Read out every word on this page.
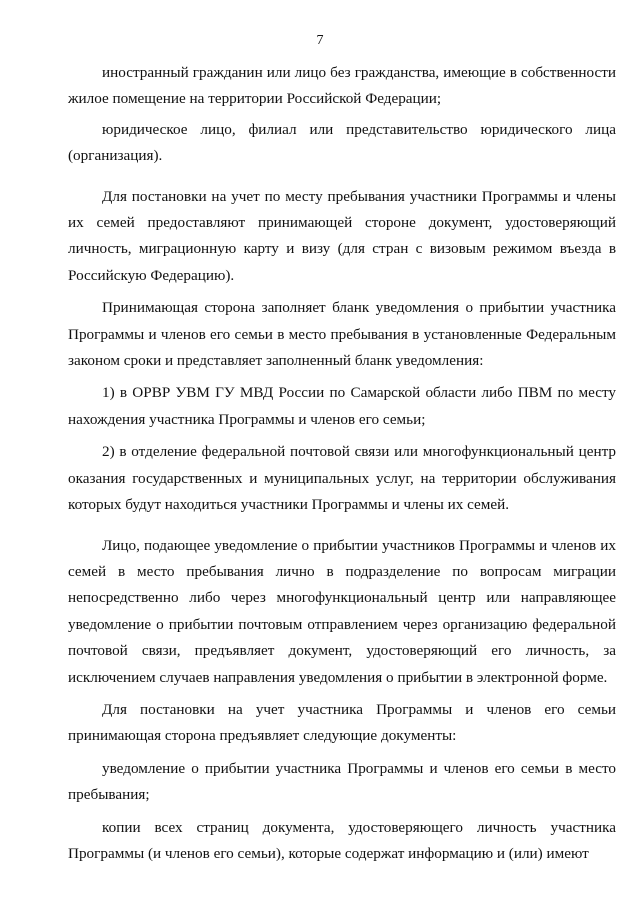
7

иностранный гражданин или лицо без гражданства, имеющие в собственности жилое помещение на территории Российской Федерации;

юридическое лицо, филиал или представительство юридического лица (организация).

Для постановки на учет по месту пребывания участники Программы и члены их семей предоставляют принимающей стороне документ, удостоверяющий личность, миграционную карту и визу (для стран с визовым режимом въезда в Российскую Федерацию).

Принимающая сторона заполняет бланк уведомления о прибытии участника Программы и членов его семьи в место пребывания в установленные Федеральным законом сроки и представляет заполненный бланк уведомления:

1) в ОРВР УВМ ГУ МВД России по Самарской области либо ПВМ по месту нахождения участника Программы и членов его семьи;

2) в отделение федеральной почтовой связи или многофункциональный центр оказания государственных и муниципальных услуг, на территории обслуживания которых будут находиться участники Программы и члены их семей.

Лицо, подающее уведомление о прибытии участников Программы и членов их семей в место пребывания лично в подразделение по вопросам миграции непосредственно либо через многофункциональный центр или направляющее уведомление о прибытии почтовым отправлением через организацию федеральной почтовой связи, предъявляет документ, удостоверяющий его личность, за исключением случаев направления уведомления о прибытии в электронной форме.

Для постановки на учет участника Программы и членов его семьи принимающая сторона предъявляет следующие документы:

уведомление о прибытии участника Программы и членов его семьи в место пребывания;

копии всех страниц документа, удостоверяющего личность участника Программы (и членов его семьи), которые содержат информацию и (или) имеют
